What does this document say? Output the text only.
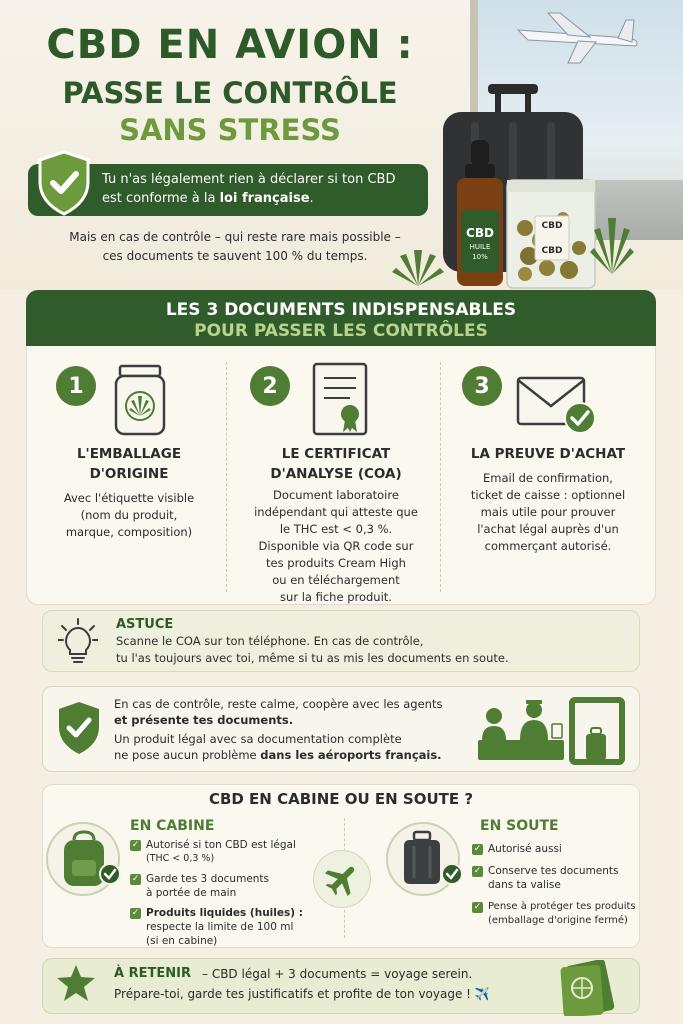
CBD EN AVION :
PASSE LE CONTRÔLE
SANS STRESS
Tu n'as légalement rien à déclarer si ton CBD
est conforme à la loi française.
Mais en cas de contrôle – qui reste rare mais possible –
ces documents te sauvent 100 % du temps.
CBD
HUILE
10%
CBD
CBD
LES 3 DOCUMENTS INDISPENSABLES
POUR PASSER LES CONTRÔLES
1
L'EMBALLAGE
D'ORIGINE
Avec l'étiquette visible
(nom du produit,
marque, composition)
2
LE CERTIFICAT
D'ANALYSE (COA)
Document laboratoire
indépendant qui atteste que
le THC est < 0,3 %.
Disponible via QR code sur
tes produits Cream High
ou en téléchargement
sur la fiche produit.
3
LA PREUVE D'ACHAT
Email de confirmation,
ticket de caisse : optionnel
mais utile pour prouver
l'achat légal auprès d'un
commerçant autorisé.
ASTUCE
Scanne le COA sur ton téléphone. En cas de contrôle,
tu l'as toujours avec toi, même si tu as mis les documents en soute.
En cas de contrôle, reste calme, coopère avec les agents
et présente tes documents.
Un produit légal avec sa documentation complète
ne pose aucun problème dans les aéroports français.
CBD EN CABINE OU EN SOUTE ?
EN CABINE
✓ Autorisé si ton CBD est légal
(THC < 0,3 %)
✓ Garde tes 3 documents
à portée de main
✓ Produits liquides (huiles) :
respecte la limite de 100 ml
(si en cabine)
EN SOUTE
✓ Autorisé aussi
✓ Conserve tes documents
dans ta valise
✓ Pense à protéger tes produits
(emballage d'origine fermé)
À RETENIR – CBD légal + 3 documents = voyage serein.
Prépare-toi, garde tes justificatifs et profite de ton voyage ! ✈️
